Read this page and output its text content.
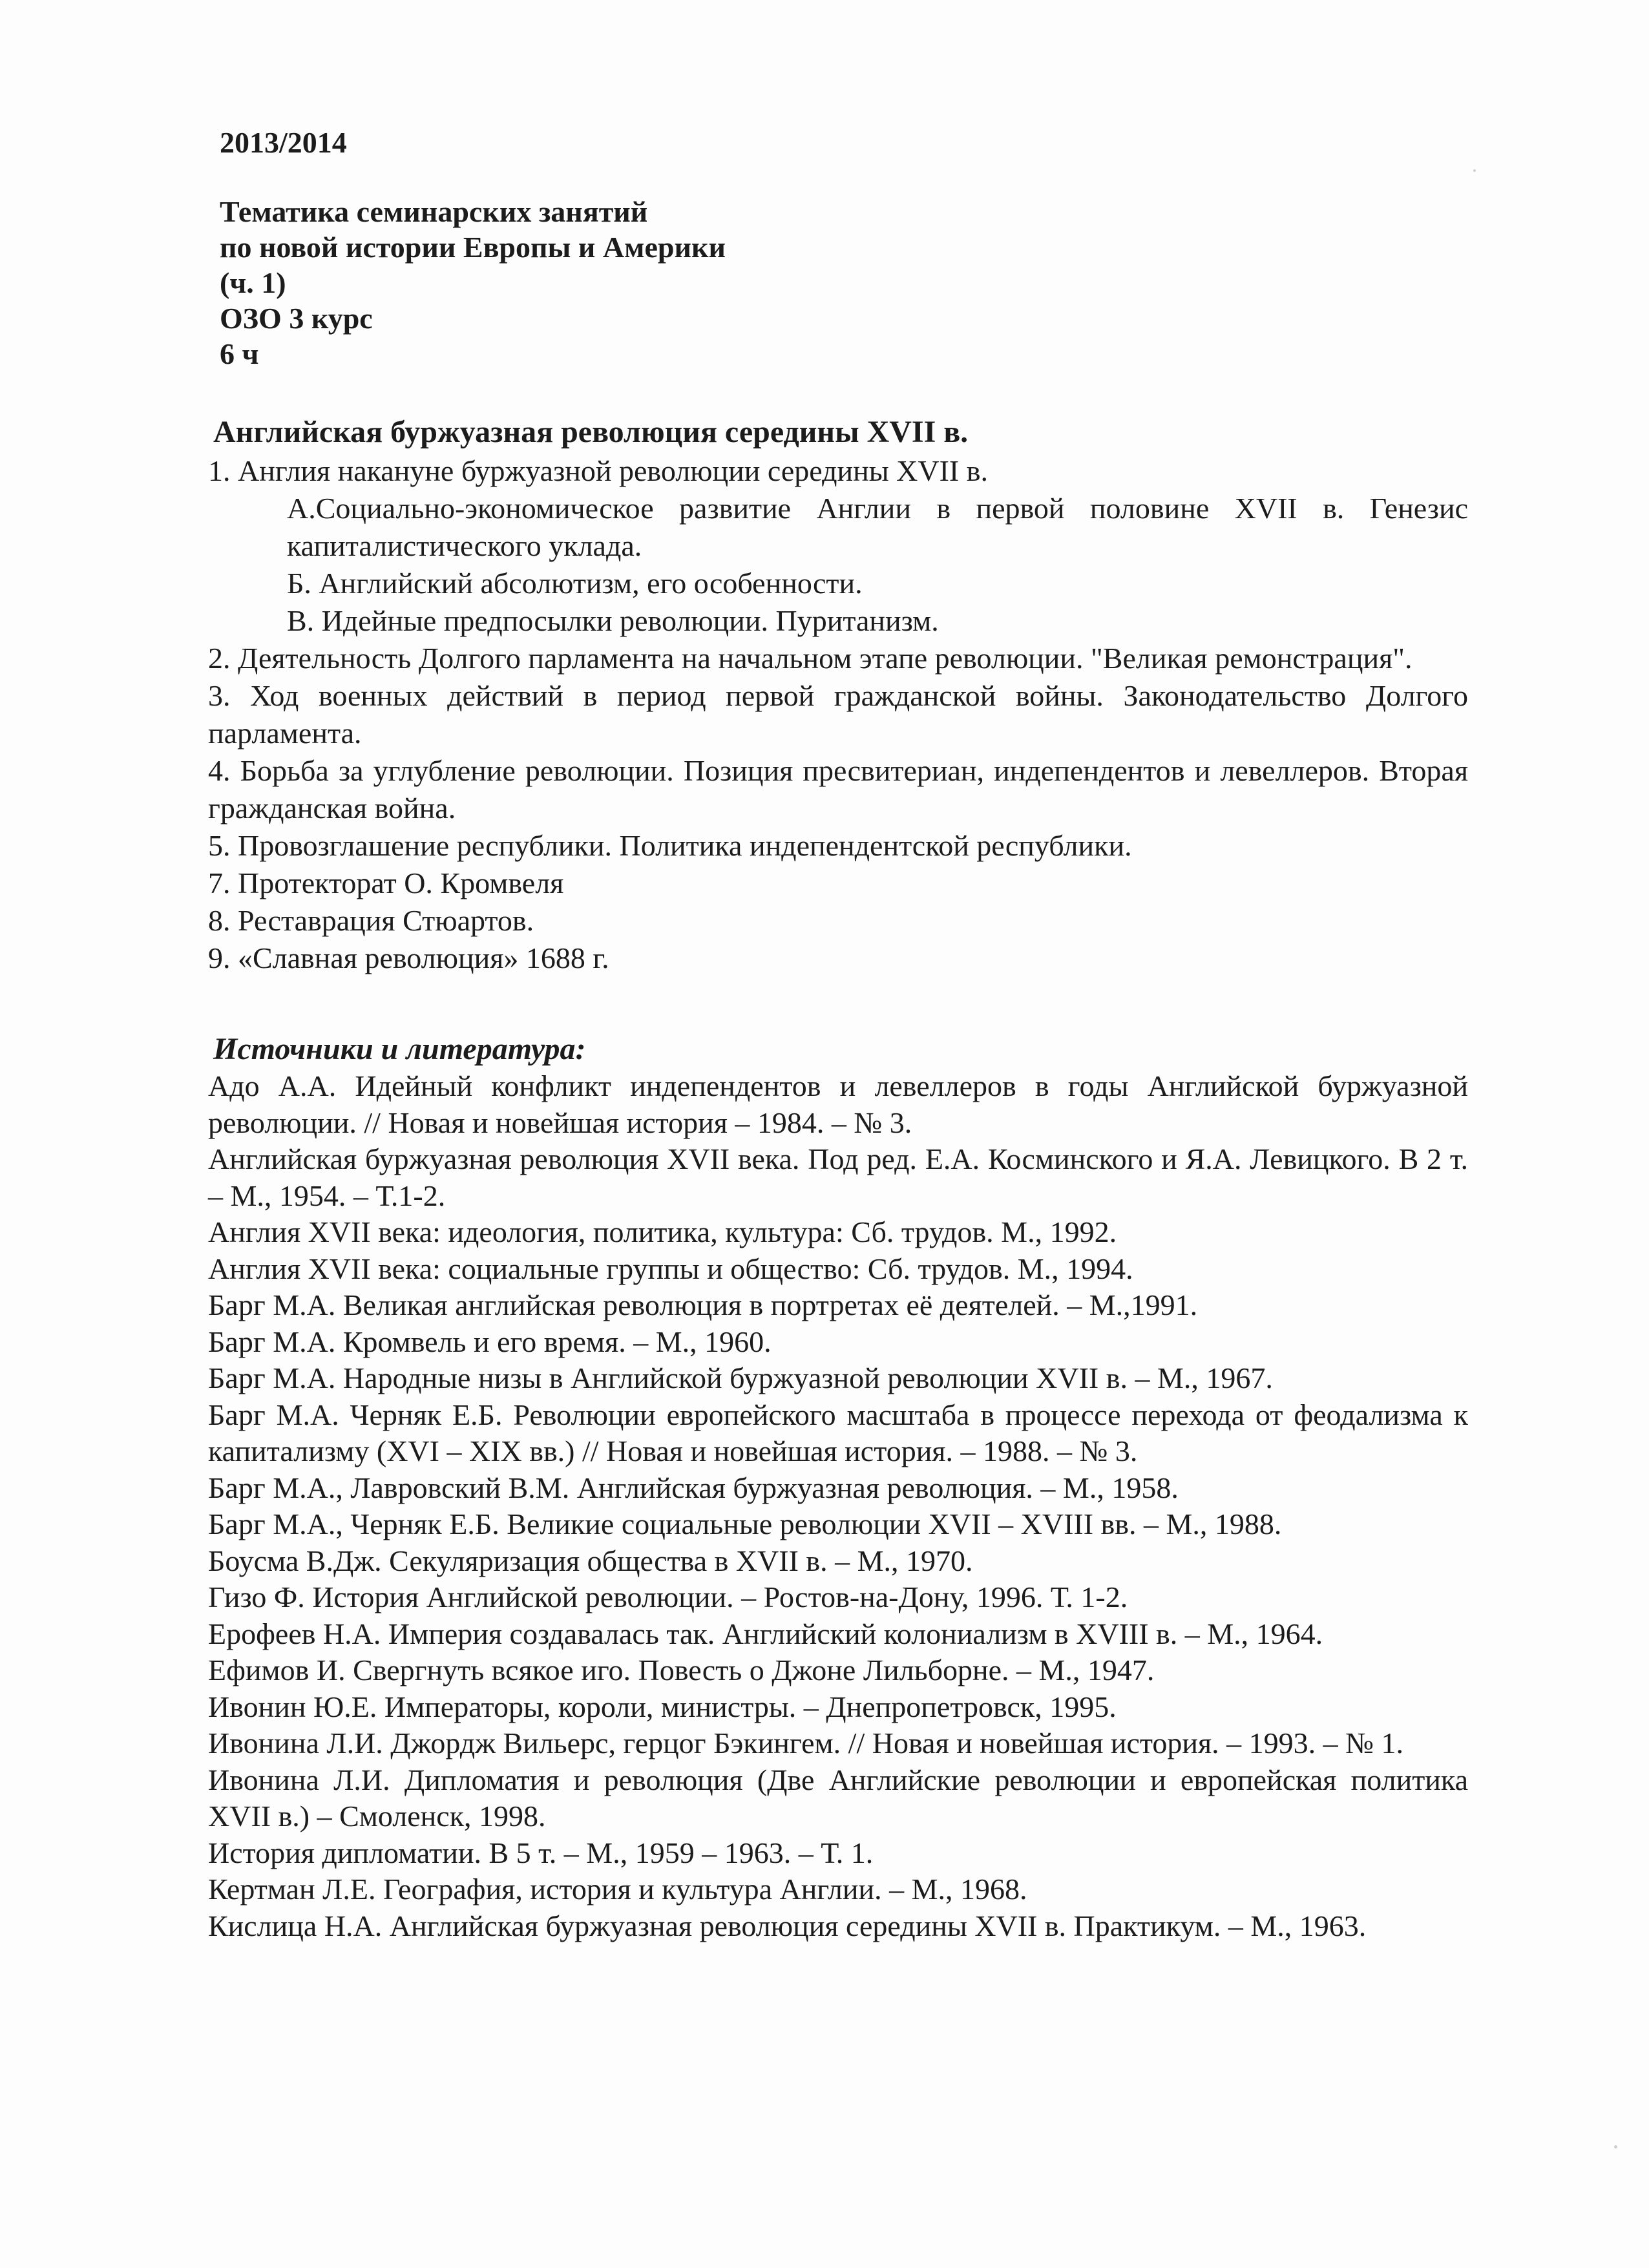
2013/2014
Тематика семинарских занятий
по новой истории Европы и Америки
(ч. 1)
ОЗО 3 курс
6 ч
Английская буржуазная революция середины XVII в.
1. Англия накануне буржуазной революции середины XVII в.
А.Социально-экономическое развитие Англии в первой половине XVII в. Генезис капиталистического уклада.
Б. Английский абсолютизм, его особенности.
В. Идейные предпосылки революции. Пуританизм.
2. Деятельность Долгого парламента на начальном этапе революции. "Великая ремонстрация".
3. Ход военных действий в период первой гражданской войны. Законодательство Долгого парламента.
4. Борьба за углубление революции. Позиция пресвитериан, индепендентов и левеллеров. Вторая гражданская война.
5. Провозглашение республики. Политика индепендентской республики.
7. Протекторат О. Кромвеля
8. Реставрация Стюартов.
9. «Славная революция» 1688 г.
Источники и литература:
Адо А.А. Идейный конфликт индепендентов и левеллеров в годы Английской буржуазной революции. // Новая и новейшая история – 1984. – № 3.
Английская буржуазная революция XVII века. Под ред. Е.А. Косминского и Я.А. Левицкого. В 2 т. – М., 1954. – Т.1-2.
Англия XVII века: идеология, политика, культура: Сб. трудов. М., 1992.
Англия XVII века: социальные группы и общество: Сб. трудов. М., 1994.
Барг М.А. Великая английская революция в портретах её деятелей. – М.,1991.
Барг М.А. Кромвель и его время. – М., 1960.
Барг М.А. Народные низы в Английской буржуазной революции XVII в. – М., 1967.
Барг М.А. Черняк Е.Б. Революции европейского масштаба в процессе перехода от феодализма к капитализму (XVI – XIX вв.) // Новая и новейшая история. – 1988. – № 3.
Барг М.А., Лавровский В.М. Английская буржуазная революция. – М., 1958.
Барг М.А., Черняк Е.Б. Великие социальные революции XVII – XVIII вв. – М., 1988.
Боусма В.Дж. Секуляризация общества в XVII в. – М., 1970.
Гизо Ф. История Английской революции. – Ростов-на-Дону, 1996. Т. 1-2.
Ерофеев Н.А. Империя создавалась так. Английский колониализм в XVIII в. – М., 1964.
Ефимов И. Свергнуть всякое иго. Повесть о Джоне Лильборне. – М., 1947.
Ивонин Ю.Е. Императоры, короли, министры. – Днепропетровск, 1995.
Ивонина Л.И. Джордж Вильерс, герцог Бэкингем. // Новая и новейшая история. – 1993. – № 1.
Ивонина Л.И. Дипломатия и революция (Две Английские революции и европейская политика XVII в.) – Смоленск, 1998.
История дипломатии. В 5 т. – М., 1959 – 1963. – Т. 1.
Кертман Л.Е. География, история и культура Англии. – М., 1968.
Кислица Н.А. Английская буржуазная революция середины XVII в. Практикум. – М., 1963.
